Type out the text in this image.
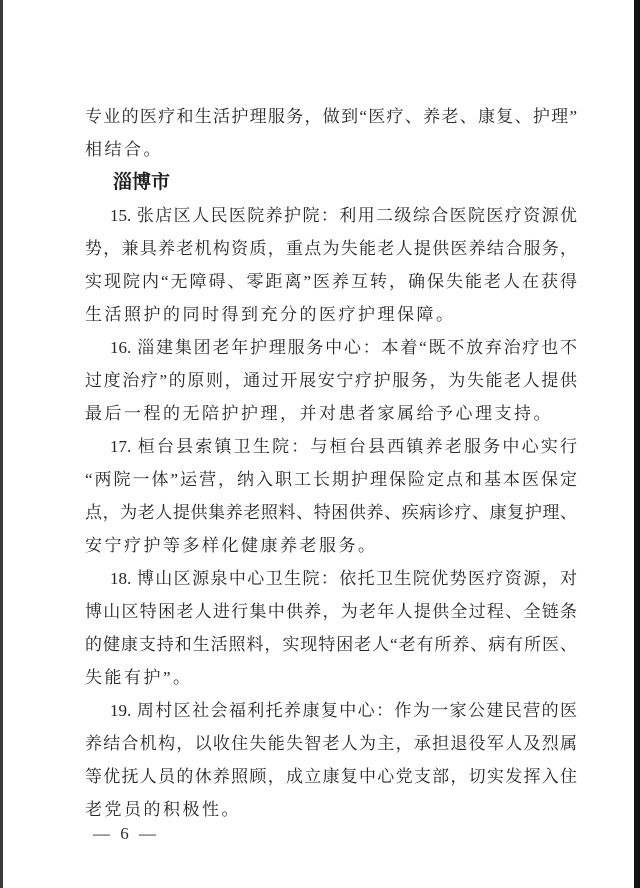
专业的医疗和生活护理服务，做到“医疗、养老、康复、护理”
相结合。
淄博市
15. 张店区人民医院养护院：利用二级综合医院医疗资源优
势，兼具养老机构资质，重点为失能老人提供医养结合服务，
实现院内“无障碍、零距离”医养互转，确保失能老人在获得
生活照护的同时得到充分的医疗护理保障。
16. 淄建集团老年护理服务中心：本着“既不放弃治疗也不
过度治疗”的原则，通过开展安宁疗护服务，为失能老人提供
最后一程的无陪护护理，并对患者家属给予心理支持。
17. 桓台县索镇卫生院：与桓台县西镇养老服务中心实行
“两院一体”运营，纳入职工长期护理保险定点和基本医保定
点，为老人提供集养老照料、特困供养、疾病诊疗、康复护理、
安宁疗护等多样化健康养老服务。
18. 博山区源泉中心卫生院：依托卫生院优势医疗资源，对
博山区特困老人进行集中供养，为老年人提供全过程、全链条
的健康支持和生活照料，实现特困老人“老有所养、病有所医、
失能有护”。
19. 周村区社会福利托养康复中心：作为一家公建民营的医
养结合机构，以收住失能失智老人为主，承担退役军人及烈属
等优抚人员的休养照顾，成立康复中心党支部，切实发挥入住
老党员的积极性。
— 6 —
